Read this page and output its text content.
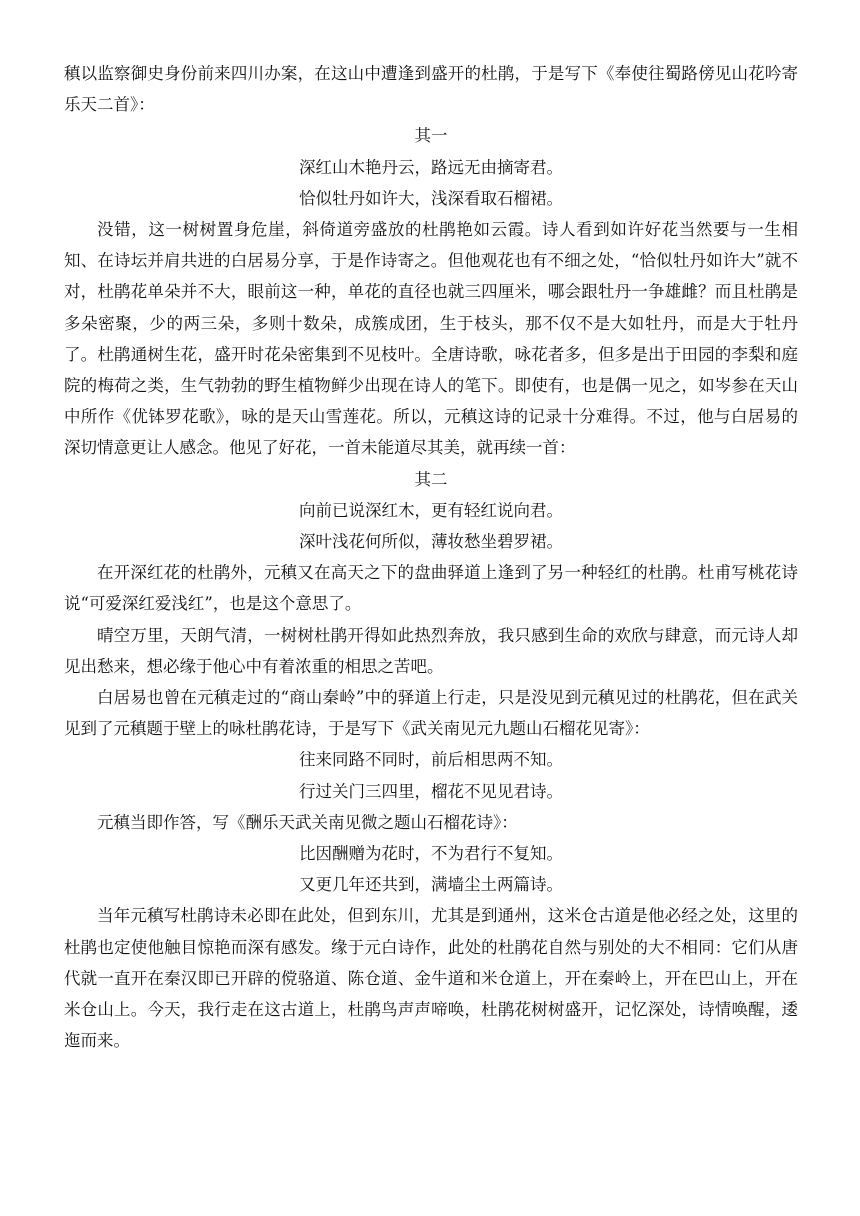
稹以监察御史身份前来四川办案，在这山中遭逢到盛开的杜鹃，于是写下《奉使往蜀路傍见山花吟寄乐天二首》：

其一

深红山木艳丹云，路远无由摘寄君。

恰似牡丹如许大，浅深看取石榴裙。

没错，这一树树置身危崖，斜倚道旁盛放的杜鹃艳如云霞。诗人看到如许好花当然要与一生相知、在诗坛并肩共进的白居易分享，于是作诗寄之。但他观花也有不细之处，“恰似牡丹如许大”就不对，杜鹃花单朵并不大，眼前这一种，单花的直径也就三四厘米，哪会跟牡丹一争雄雌？而且杜鹃是多朵密聚，少的两三朵，多则十数朵，成簇成团，生于枝头，那不仅不是大如牡丹，而是大于牡丹了。杜鹃通树生花，盛开时花朵密集到不见枝叶。全唐诗歌，咏花者多，但多是出于田园的李梨和庭院的梅荷之类，生气勃勃的野生植物鲜少出现在诗人的笔下。即使有，也是偶一见之，如岑参在天山中所作《优钵罗花歌》，咏的是天山雪莲花。所以，元稹这诗的记录十分难得。不过，他与白居易的深切情意更让人感念。他见了好花，一首未能道尽其美，就再续一首：

其二

向前已说深红木，更有轻红说向君。

深叶浅花何所似，薄妆愁坐碧罗裙。

在开深红花的杜鹃外，元稹又在高天之下的盘曲驿道上逢到了另一种轻红的杜鹃。杜甫写桃花诗说“可爱深红爱浅红”，也是这个意思了。

晴空万里，天朗气清，一树树杜鹃开得如此热烈奔放，我只感到生命的欢欣与肆意，而元诗人却见出愁来，想必缘于他心中有着浓重的相思之苦吧。

白居易也曾在元稹走过的“商山秦岭”中的驿道上行走，只是没见到元稹见过的杜鹃花，但在武关见到了元稹题于壁上的咏杜鹃花诗，于是写下《武关南见元九题山石榴花见寄》：

往来同路不同时，前后相思两不知。

行过关门三四里，榴花不见见君诗。

元稹当即作答，写《酬乐天武关南见微之题山石榴花诗》：

比因酬赠为花时，不为君行不复知。

又更几年还共到，满墙尘土两篇诗。

当年元稹写杜鹃诗未必即在此处，但到东川，尤其是到通州，这米仓古道是他必经之处，这里的杜鹃也定使他触目惊艳而深有感发。缘于元白诗作，此处的杜鹃花自然与别处的大不相同：它们从唐代就一直开在秦汉即已开辟的傥骆道、陈仓道、金牛道和米仓道上，开在秦岭上，开在巴山上，开在米仓山上。今天，我行走在这古道上，杜鹃鸟声声啼唤，杜鹃花树树盛开，记忆深处，诗情唤醒，逶迤而来。
